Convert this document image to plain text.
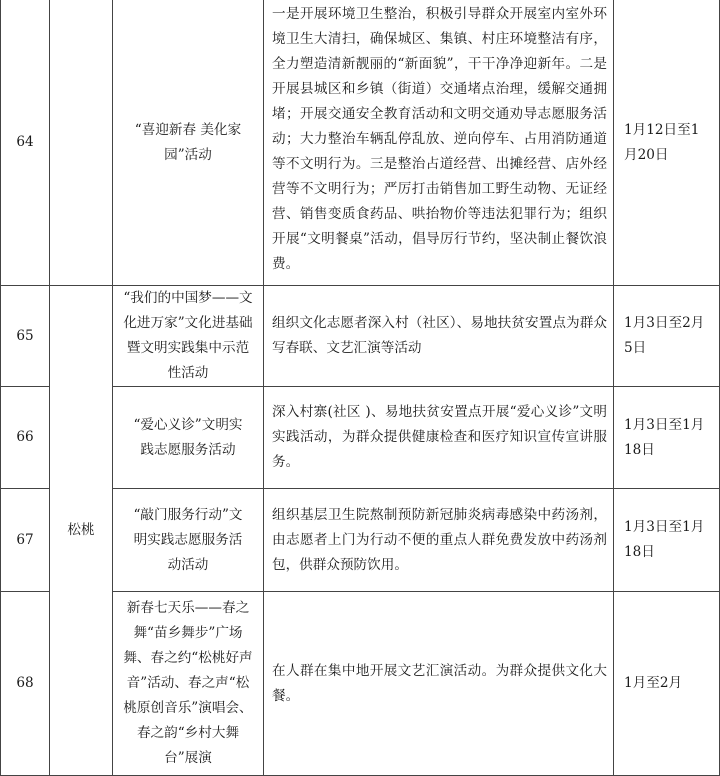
64
“喜迎新春 美化家园”活动
一是开展环境卫生整治，积极引导群众开展室内室外环境卫生大清扫，确保城区、集镇、村庄环境整洁有序，全力塑造清新靓丽的“新面貌”，干干净净迎新年。二是开展县城区和乡镇（街道）交通堵点治理，缓解交通拥堵；开展交通安全教育活动和文明交通劝导志愿服务活动；大力整治车辆乱停乱放、逆向停车、占用消防通道等不文明行为。三是整治占道经营、出摊经营、店外经营等不文明行为；严厉打击销售加工野生动物、无证经营、销售变质食药品、哄抬物价等违法犯罪行为；组织开展“文明餐桌”活动，倡导厉行节约，坚决制止餐饮浪费。
1月12日至1月20日
65
“我们的中国梦——文化进万家”文化进基础暨文明实践集中示范性活动
组织文化志愿者深入村（社区）、易地扶贫安置点为群众写春联、文艺汇演等活动
1月3日至2月5日
松桃
66
“爱心义诊”文明实践志愿服务活动
深入村寨(社区 )、易地扶贫安置点开展“爱心义诊”文明实践活动，为群众提供健康检查和医疗知识宣传宣讲服务。
1月3日至1月18日
67
“敲门服务行动”文明实践志愿服务活动活动
组织基层卫生院熬制预防新冠肺炎病毒感染中药汤剂，由志愿者上门为行动不便的重点人群免费发放中药汤剂包，供群众预防饮用。
1月3日至1月18日
68
新春七天乐——春之舞“苗乡舞步”广场舞、春之约“松桃好声音”活动、春之声“松桃原创音乐”演唱会、春之韵“乡村大舞台”展演
在人群在集中地开展文艺汇演活动。为群众提供文化大餐。
1月至2月
